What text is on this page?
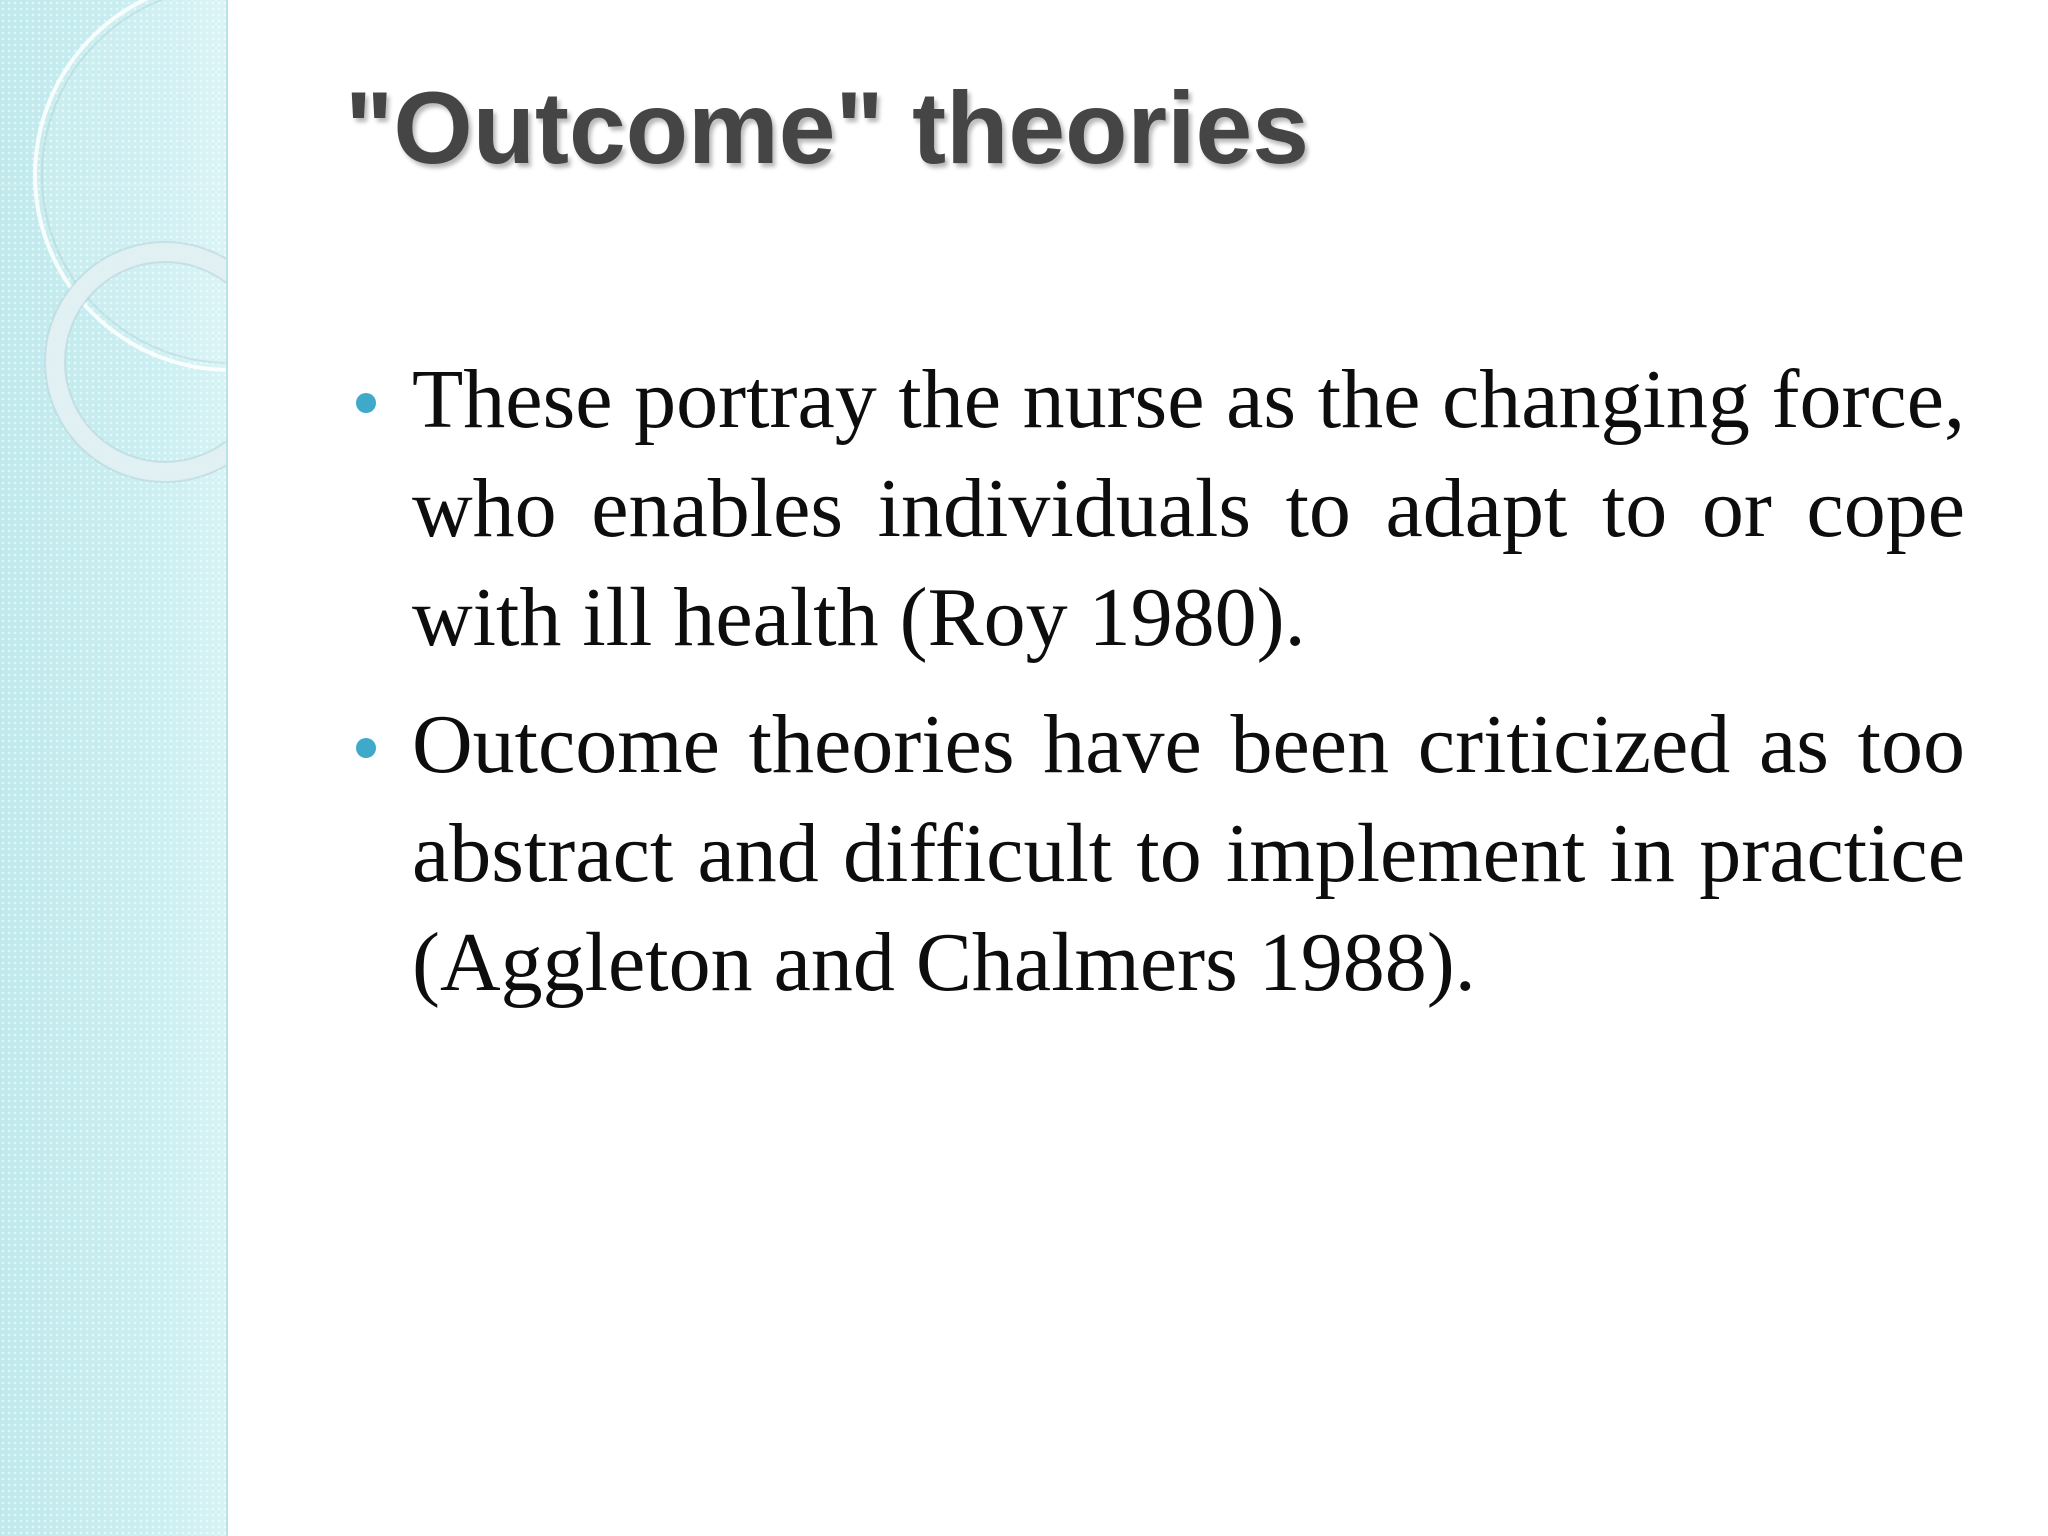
"Outcome" theories
These portray the nurse as the changing force, who enables individuals to adapt to or cope with ill health (Roy 1980).
Outcome theories have been criticized as too abstract and difficult to implement in practice (Aggleton and Chalmers 1988).
